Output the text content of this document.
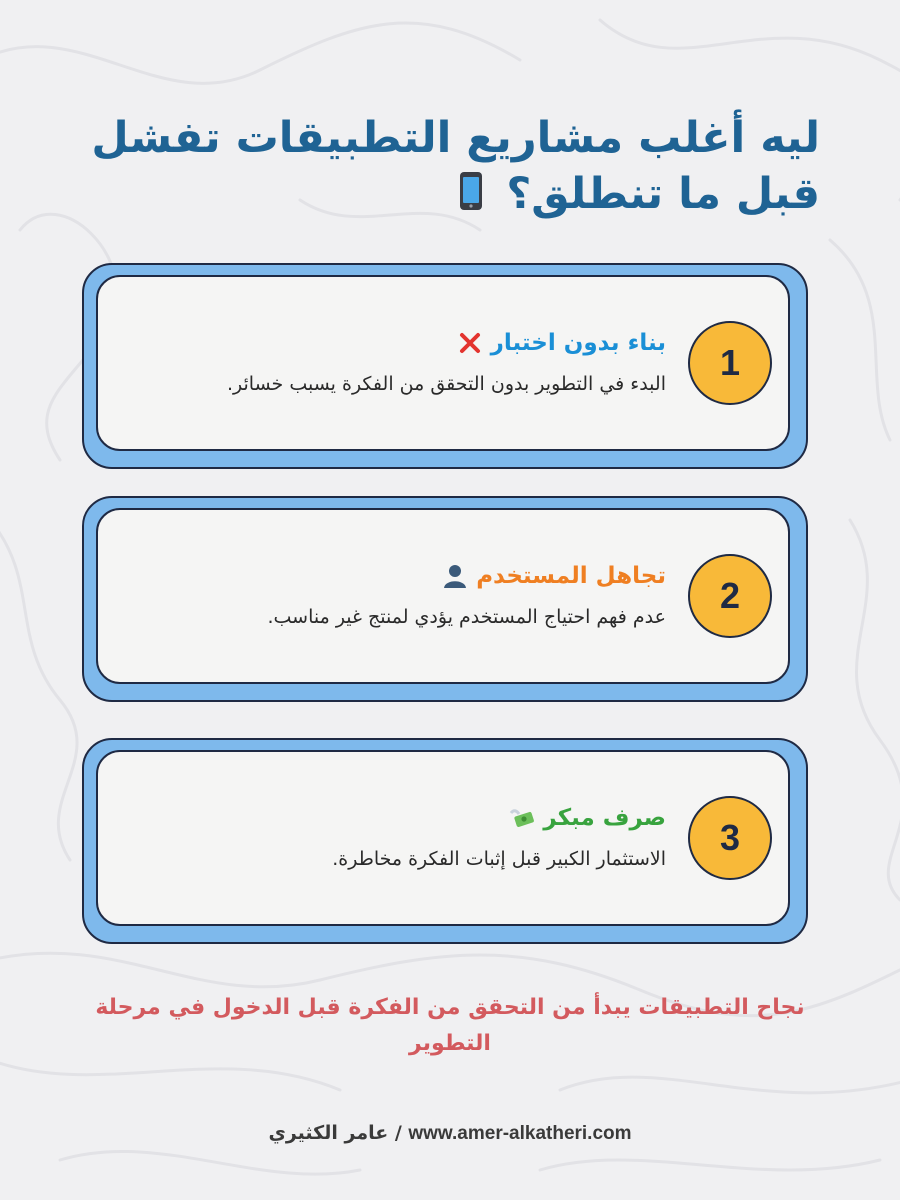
ليه أغلب مشاريع التطبيقات تفشل قبل ما تنطلق؟
1
بناء بدون اختبار
البدء في التطوير بدون التحقق من الفكرة يسبب خسائر.
2
تجاهل المستخدم
عدم فهم احتياج المستخدم يؤدي لمنتج غير مناسب.
3
صرف مبكر
الاستثمار الكبير قبل إثبات الفكرة مخاطرة.
نجاح التطبيقات يبدأ من التحقق من الفكرة قبل الدخول في مرحلة التطوير
عامر الكثيري / www.amer-alkatheri.com
